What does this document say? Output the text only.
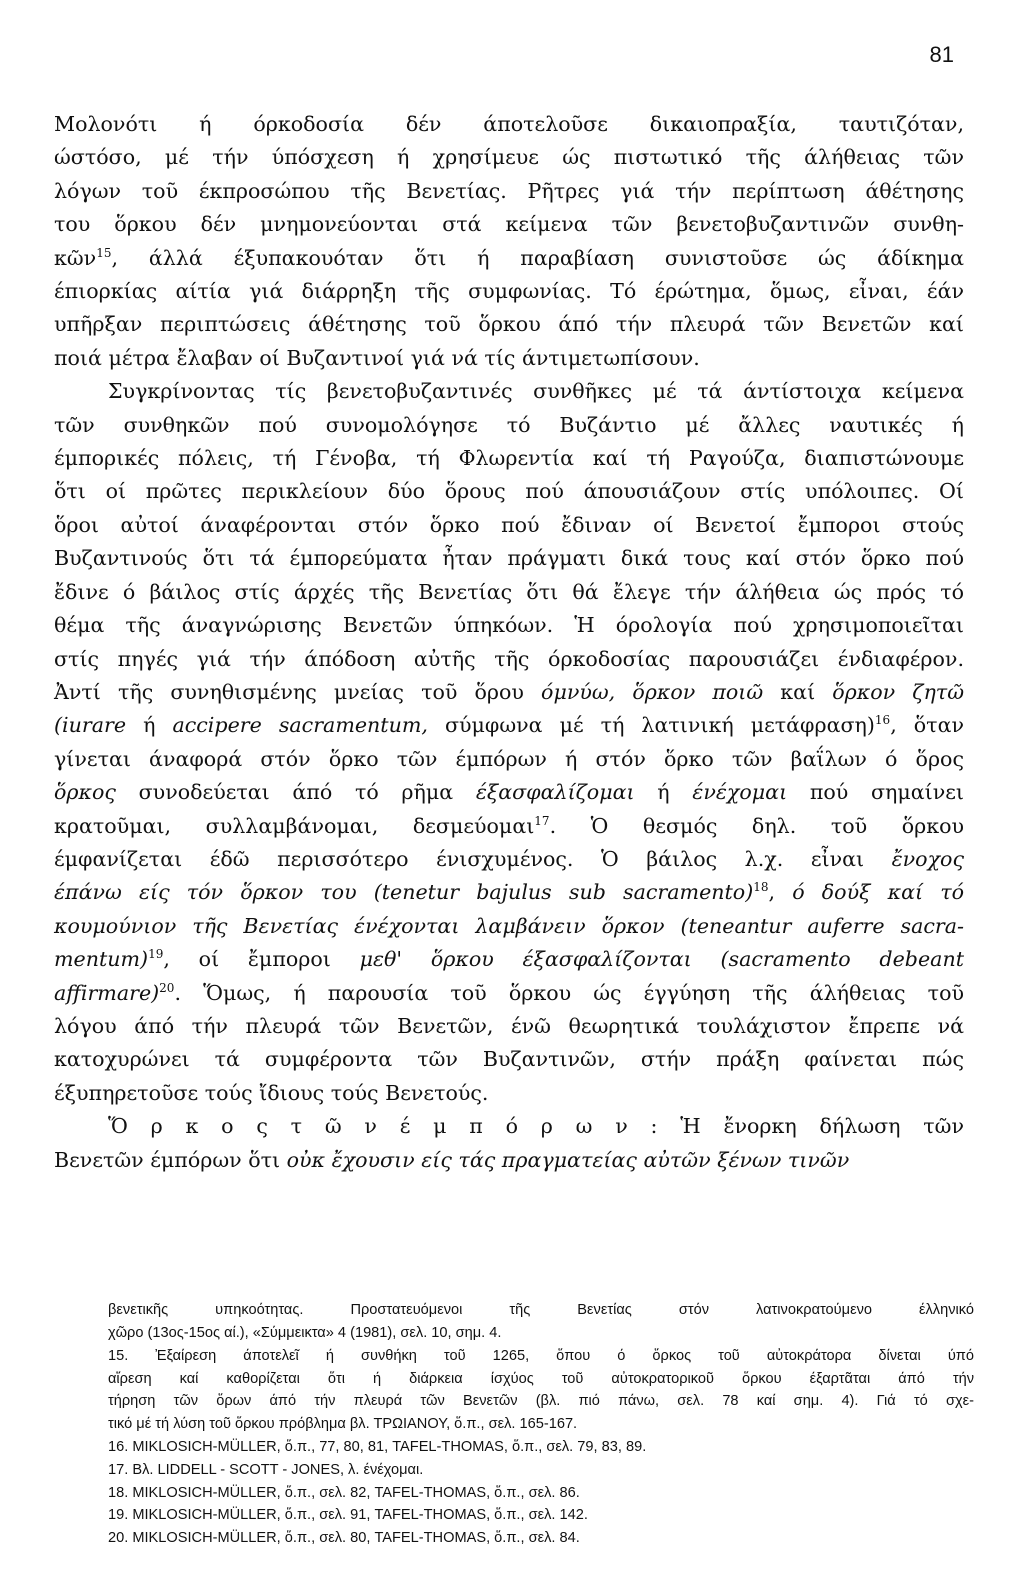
81
Μολονότι ή όρκοδοσία δέν άποτελοῦσε δικαιοπραξία, ταυτιζόταν,
ώστόσο, μέ τήν ύπόσχεση ή χρησίμευε ώς πιστωτικό τῆς άλήθειας τῶν
λόγων τοῦ έκπροσώπου τῆς Βενετίας. Ρῆτρες γιά τήν περίπτωση άθέτησης
του ὅρκου δέν μνημονεύονται στά κείμενα τῶν βενετοβυζαντινῶν συνθη-
κῶν$^{15}$, άλλά έξυπακουόταν ὅτι ή παραβίαση συνιστοῦσε ώς άδίκημα
έπιορκίας αίτία γιά διάρρηξη τῆς συμφωνίας. Τό έρώτημα, ὅμως, εἶναι, έάν
υπῆρξαν περιπτώσεις άθέτησης τοῦ ὅρκου άπό τήν πλευρά τῶν Βενετῶν καί
ποιά μέτρα ἔλαβαν οί Βυζαντινοί γιά νά τίς άντιμετωπίσουν.
Συγκρίνοντας τίς βενετοβυζαντινές συνθῆκες μέ τά άντίστοιχα κείμενα
τῶν συνθηκῶν πού συνομολόγησε τό Βυζάντιο μέ ἄλλες ναυτικές ή
έμπορικές πόλεις, τή Γένοβα, τή Φλωρεντία καί τή Ραγούζα, διαπιστώνουμε
ὅτι οί πρῶτες περικλείουν δύο ὅρους πού άπουσιάζουν στίς υπόλοιπες. Οί
ὅροι αὐτοί άναφέρονται στόν ὅρκο πού ἔδιναν οί Βενετοί ἔμποροι στούς
Βυζαντινούς ὅτι τά έμπορεύματα ἦταν πράγματι δικά τους καί στόν ὅρκο πού
ἔδινε ό βάιλος στίς άρχές τῆς Βενετίας ὅτι θά ἔλεγε τήν άλήθεια ώς πρός τό
θέμα τῆς άναγνώρισης Βενετῶν ύπηκόων. Ἡ όρολογία πού χρησιμοποιεῖται
στίς πηγές γιά τήν άπόδοση αὐτῆς τῆς όρκοδοσίας παρουσιάζει ένδιαφέρον.
Ἀντί τῆς συνηθισμένης μνείας τοῦ ὅρου όμνύω, ὅρκον ποιῶ καί ὅρκον ζητῶ
(iurare ή accipere sacramentum, σύμφωνα μέ τή λατινική μετάφραση)$^{16}$, ὅταν
γίνεται άναφορά στόν ὅρκο τῶν έμπόρων ή στόν ὅρκο τῶν βαΐλων ό ὅρος
ὅρκος συνοδεύεται άπό τό ρῆμα έξασφαλίζομαι ή ένέχομαι πού σημαίνει
κρατοῦμαι, συλλαμβάνομαι, δεσμεύομαι$^{17}$. Ὁ θεσμός δηλ. τοῦ ὅρκου
έμφανίζεται έδῶ περισσότερο ένισχυμένος. Ὁ βάιλος λ.χ. εἶναι ἔνοχος
έπάνω είς τόν ὅρκον του (tenetur bajulus sub sacramento)$^{18}$, ό δούξ καί τό
κουμούνιον τῆς Βενετίας ένέχονται λαμβάνειν ὅρκον (teneantur auferre sacra-
mentum)$^{19}$, οί ἔμποροι μεθ' ὅρκου έξασφαλίζονται (sacramento debeant
affirmare)$^{20}$. Ὅμως, ή παρουσία τοῦ ὅρκου ώς έγγύηση τῆς άλήθειας τοῦ
λόγου άπό τήν πλευρά τῶν Βενετῶν, ένῶ θεωρητικά τουλάχιστον ἔπρεπε νά
κατοχυρώνει τά συμφέροντα τῶν Βυζαντινῶν, στήν πράξη φαίνεται πώς
έξυπηρετοῦσε τούς ἴδιους τούς Βενετούς.
Ὅ ρ κ ο ς τ ῶ ν έ μ π ό ρ ω ν : Ἡ ἔνορκη δήλωση τῶν
Βενετῶν έμπόρων ὅτι οὐκ ἔχουσιν είς τάς πραγματείας αὐτῶν ξένων τινῶν
βενετικῆς υπηκοότητας. Προστατευόμενοι τῆς Βενετίας στόν λατινοκρατούμενο έλληνικό
χῶρο (13ος-15ος αί.), «Σύμμεικτα» 4 (1981), σελ. 10, σημ. 4.
15. Ἐξαίρεση άποτελεῖ ή συνθήκη τοῦ 1265, ὅπου ό ὅρκος τοῦ αὐτοκράτορα δίνεται ύπό
αἵρεση καί καθορίζεται ὅτι ή διάρκεια ίσχύος τοῦ αὐτοκρατορικοῦ ὅρκου έξαρτᾶται άπό τήν
τήρηση τῶν ὅρων άπό τήν πλευρά τῶν Βενετῶν (βλ. πιό πάνω, σελ. 78 καί σημ. 4). Γιά τό σχε-
τικό μέ τή λύση τοῦ ὅρκου πρόβλημα βλ. ΤΡΩΙΑΝΟΥ, ὅ.π., σελ. 165-167.
16. MIKLOSICH-MÜLLER, ὅ.π., 77, 80, 81, TAFEL-THOMAS, ὅ.π., σελ. 79, 83, 89.
17. Βλ. LIDDELL - SCOTT - JONES, λ. ένέχομαι.
18. MIKLOSICH-MÜLLER, ὅ.π., σελ. 82, TAFEL-THOMAS, ὅ.π., σελ. 86.
19. MIKLOSICH-MÜLLER, ὅ.π., σελ. 91, TAFEL-THOMAS, ὅ.π., σελ. 142.
20. MIKLOSICH-MÜLLER, ὅ.π., σελ. 80, TAFEL-THOMAS, ὅ.π., σελ. 84.
